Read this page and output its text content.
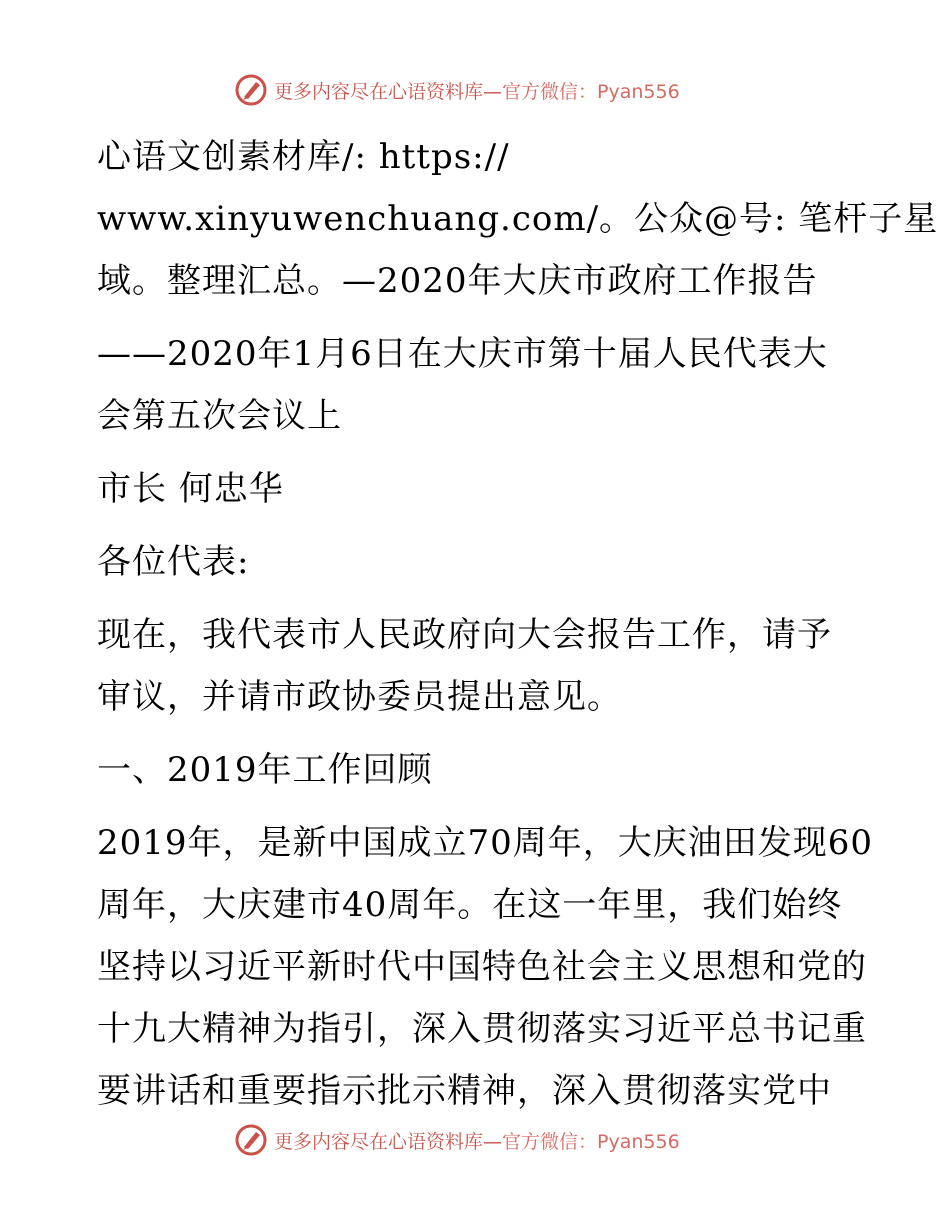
更多内容尽在心语资料库—官方微信：Pyan556
心语文创素材库/: https://
www.xinyuwenchuang.com/。公众@号: 笔杆子星
域。整理汇总。—2020年大庆市政府工作报告
——2020年1月6日在大庆市第十届人民代表大
会第五次会议上
市长 何忠华
各位代表:
现在，我代表市人民政府向大会报告工作，请予
审议，并请市政协委员提出意见。
一、2019年工作回顾
2019年，是新中国成立70周年，大庆油田发现60
周年，大庆建市40周年。在这一年里，我们始终
坚持以习近平新时代中国特色社会主义思想和党的
十九大精神为指引，深入贯彻落实习近平总书记重
要讲话和重要指示批示精神，深入贯彻落实党中
更多内容尽在心语资料库—官方微信：Pyan556
